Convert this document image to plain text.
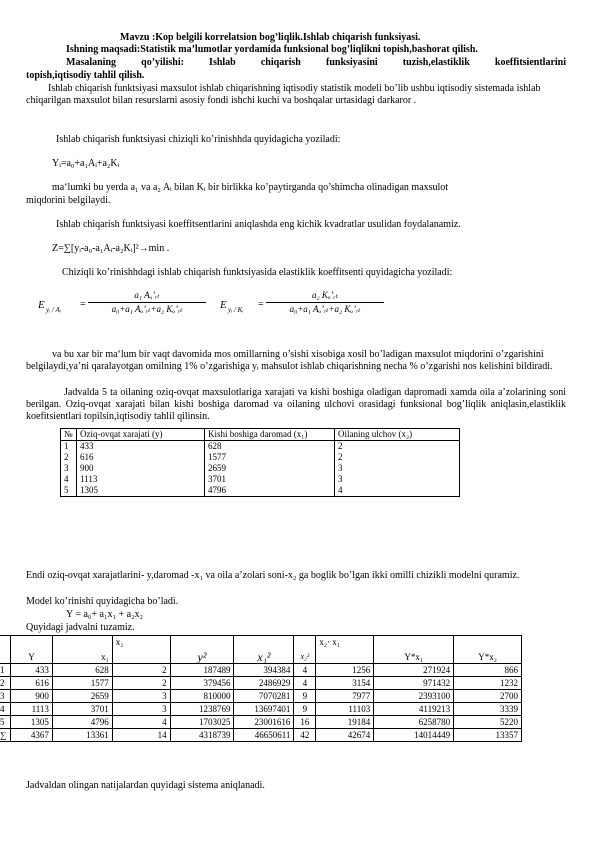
Mavzu :Kop belgili korrelatsion bog’liqlik.Ishlab chiqarish funksiyasi.
Ishning maqsadi:Statistik ma’lumotlar yordamida funksional bog’liqlikni topish,bashorat qilish.
Masalaning qo’yilishi: Ishlab chiqarish funksiyasini tuzish,elastiklik koeffitsientlarini
topish,iqtisodiy tahlil qilish.
Ishlab chiqarish funktsiyasi maxsulot ishlab chiqarishning iqtisodiy statistik modeli bo’lib ushbu iqtisodiy sistemada ishlab chiqarilgan maxsulot bilan resurslarni asosiy fondi ishchi kuchi va boshqalar urtasidagi darkaror .
Ishlab chiqarish funktsiyasi chiziqli ko’rinishhda quyidagicha yoziladi:
Yᵢ=a₀+a₁Aᵢ+a₂Kᵢ
ma‘lumki bu yerda a₁ va a₂ Aᵢ bilan Kᵢ bir birlikka ko’paytirganda qo’shimcha olinadigan maxsulot
miqdorini belgilaydi.
Ishlab chiqarish funktsiyasi koeffitsentlarini aniqlashda eng kichik kvadratlar usulidan foydalanamiz.
Z=∑[yᵢ-a₀-a₁Aᵢ-a₂Kᵢ]²→min .
Chiziqli ko’rinishhdagi ishlab chiqarish funktsiyasida elastiklik koeffitsenti quyidagicha yoziladi:
E yᵢ / Aᵢ = $\frac{\text{a₁ Aₒ’ᵣₜ}}{\text{a₀+a₁ Aₒ’ᵣₜ+a₂ Kₒ’ᵣₜ}}$ E yᵢ / Kᵢ = $\frac{\text{a₂ Kₒ’ᵣₜ}}{\text{a₀+a₁ Aₒ’ᵣₜ+a₂ Kₒ’ᵣₜ}}$
va bu xar bir ma‘lum bir vaqt davomida mos omillarning o’sishi xisobiga xosil bo’ladigan maxsulot miqdorini o’zgarishini belgilaydi,ya’ni qaralayotgan omilning 1% o’zgarishiga yᵢ mahsulot ishlab chiqarishning necha % o’zgarishi nos kelishini bildiradi.
Jadvalda 5 ta oilaning oziq-ovqat maxsulotlariga xarajati va kishi boshiga oladigan dapromadi xamda oila a’zolarining soni berilgan. Oziq-ovqat xarajati bilan kishi boshiga daromad va oilaning ulchovi orasidagi funksional bog’liqlik aniqlasin,elastiklik koefitsientlari topilsin,iqtisodiy tahlil qilinsin.
№	Oziq-ovqat xarajati (y)	Kishi boshiga daromad (x₁)	Oilaning ulchov (x₂)
1	433	628	2
2	616	1577	2
3	900	2659	3
4	1113	3701	3
5	1305	4796	4
Endi oziq-ovqat xarajatlarini- y,daromad -x₁ va oila a’zolari soni-x₂ ga boglik bo’lgan ikki omilli chizikli modelni quramiz.
Model ko’rinishi quyidagicha bo’ladi.
Y = a₀+ a₁x₁ + a₂x₂
Quyidagi jadvalni tuzamiz.
	Y	x₁	x₂	y²	x₁²	x₂²	x₂· x₁	Y*x₁	Y*x₂
1	433	628	2	187489	394384	4	1256	271924	866
2	616	1577	2	379456	2486929	4	3154	971432	1232
3	900	2659	3	810000	7070281	9	7977	2393100	2700
4	1113	3701	3	1238769	13697401	9	11103	4119213	3339
5	1305	4796	4	1703025	23001616	16	19184	6258780	5220
∑	4367	13361	14	4318739	46650611	42	42674	14014449	13357
Jadvaldan olingan natijalardan quyidagi sistema aniqlanadi.
